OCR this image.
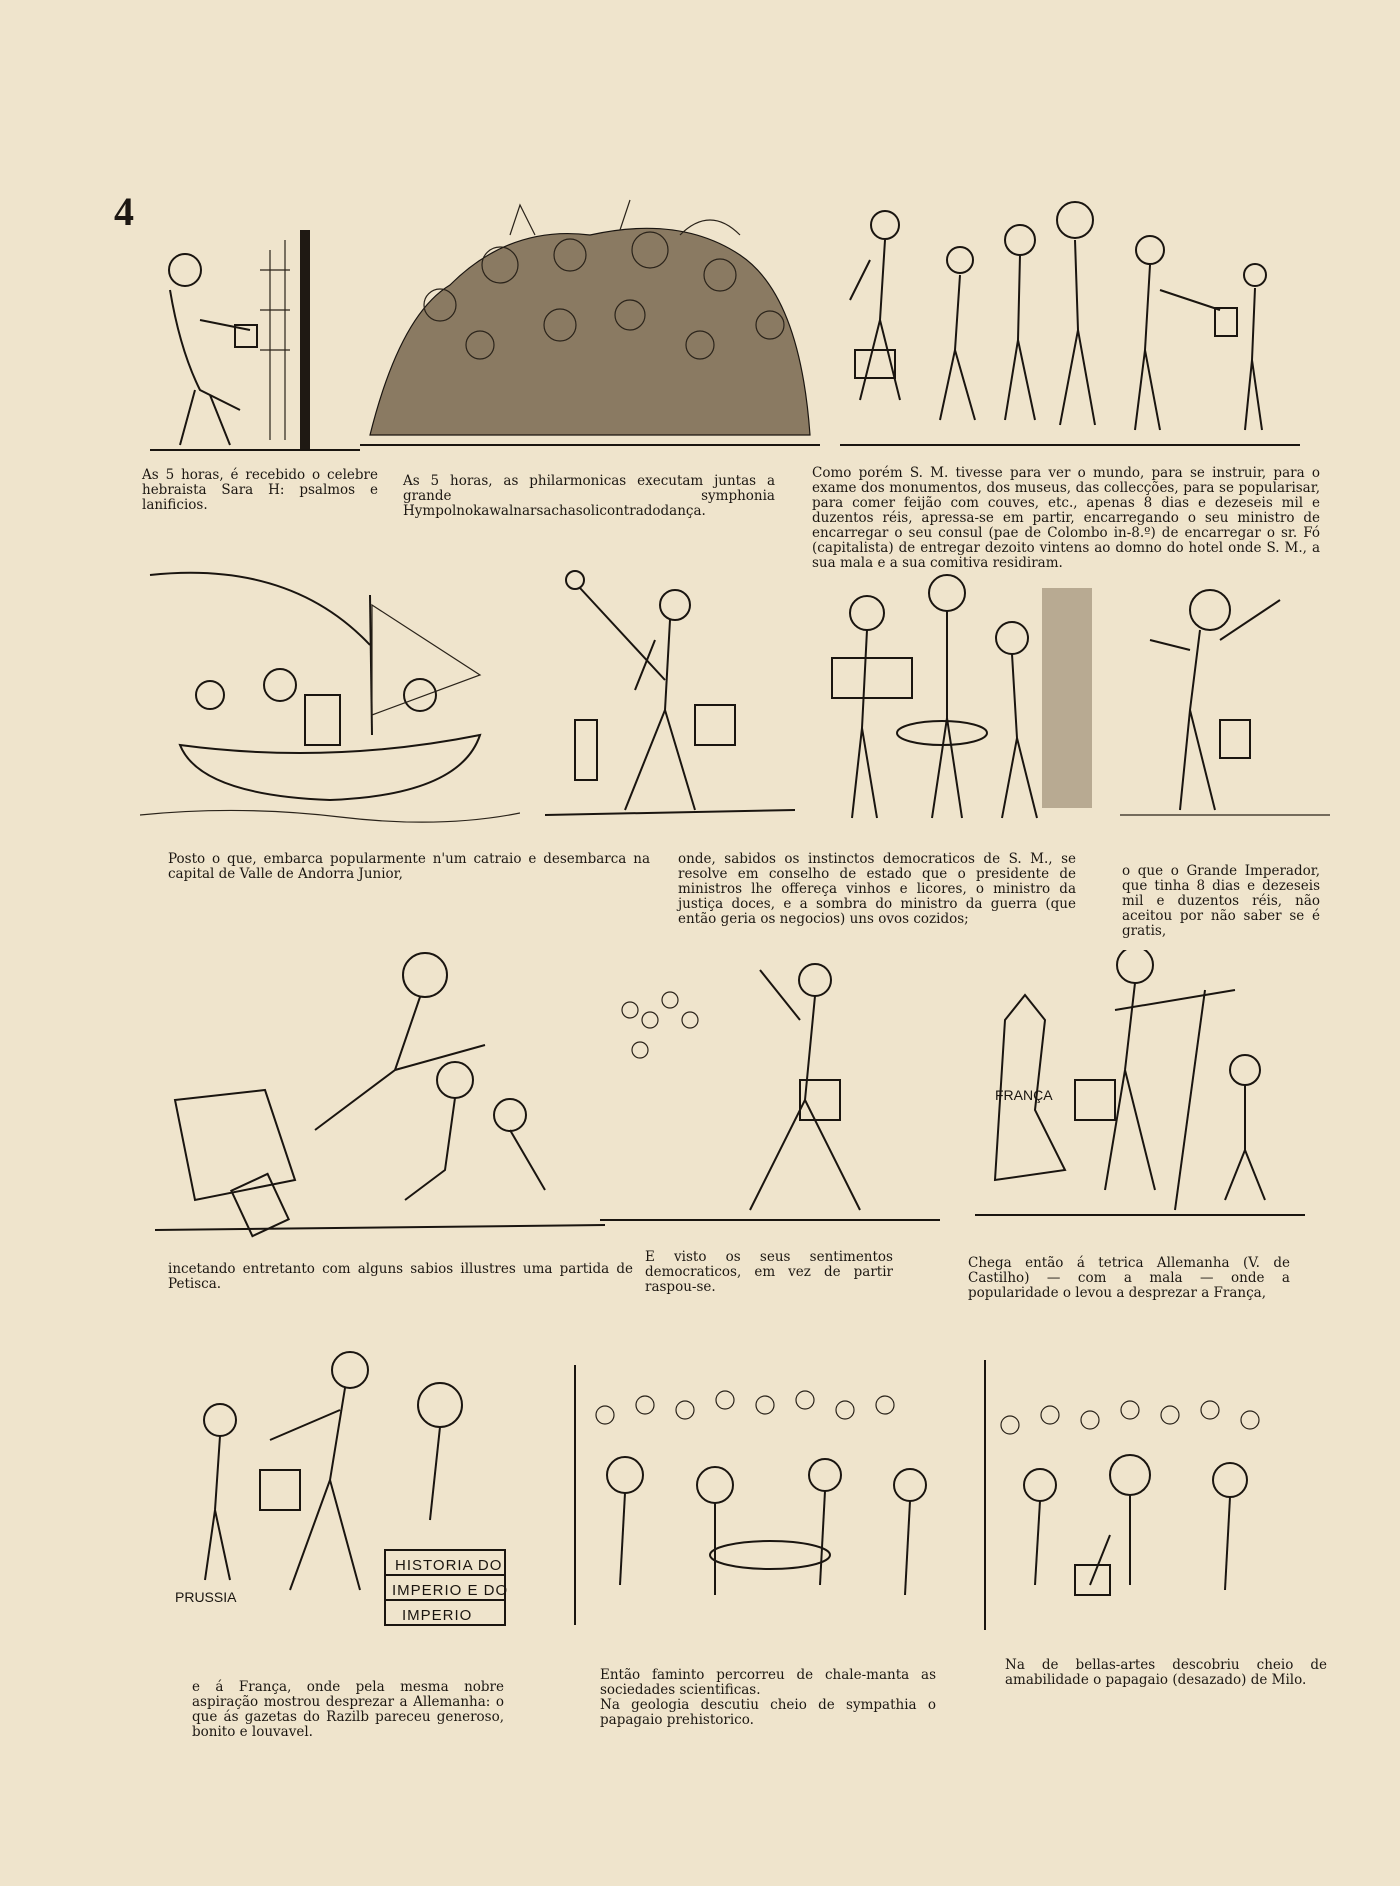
4
As 5 horas, é recebido o celebre hebraista Sara H: psalmos e lanificios.
As 5 horas, as philarmonicas executam juntas a grande symphonia Hympolnokawalnarsachasolicontradodança.
Como porém S. M. tivesse para ver o mundo, para se instruir, para o exame dos monumentos, dos museus, das collecções, para se popularisar, para comer feijão com couves, etc., apenas 8 dias e dezeseis mil e duzentos réis, apressa-se em partir, encarregando o seu ministro de encarregar o seu consul (pae de Colombo in-8.º) de encarregar o sr. Fó (capitalista) de entregar dezoito vintens ao domno do hotel onde S. M., a sua mala e a sua comitiva residiram.
Posto o que, embarca popularmente n'um catraio e desembarca na capital de Valle de Andorra Junior,
onde, sabidos os instinctos democraticos de S. M., se resolve em conselho de estado que o presidente de ministros lhe offereça vinhos e licores, o ministro da justiça doces, e a sombra do ministro da guerra (que então geria os negocios) uns ovos cozidos;
o que o Grande Imperador, que tinha 8 dias e dezeseis mil e duzentos réis, não aceitou por não saber se é gratis,
FRANÇA
incetando entretanto com alguns sabios illustres uma partida de Petisca.
E visto os seus sentimentos democraticos, em vez de partir raspou-se.
Chega então á tetrica Allemanha (V. de Castilho) — com a mala — onde a popularidade o levou a desprezar a França,
HISTORIA DO
IMPERIO E DO
IMPERIO
PRUSSIA
e á França, onde pela mesma nobre aspiração mostrou desprezar a Allemanha: o que ás gazetas do Razilb pareceu generoso, bonito e louvavel.
Então faminto percorreu de chale-manta as sociedades scientificas.
Na geologia descutiu cheio de sympathia o papagaio prehistorico.
Na de bellas-artes descobriu cheio de amabilidade o papagaio (desazado) de Milo.
